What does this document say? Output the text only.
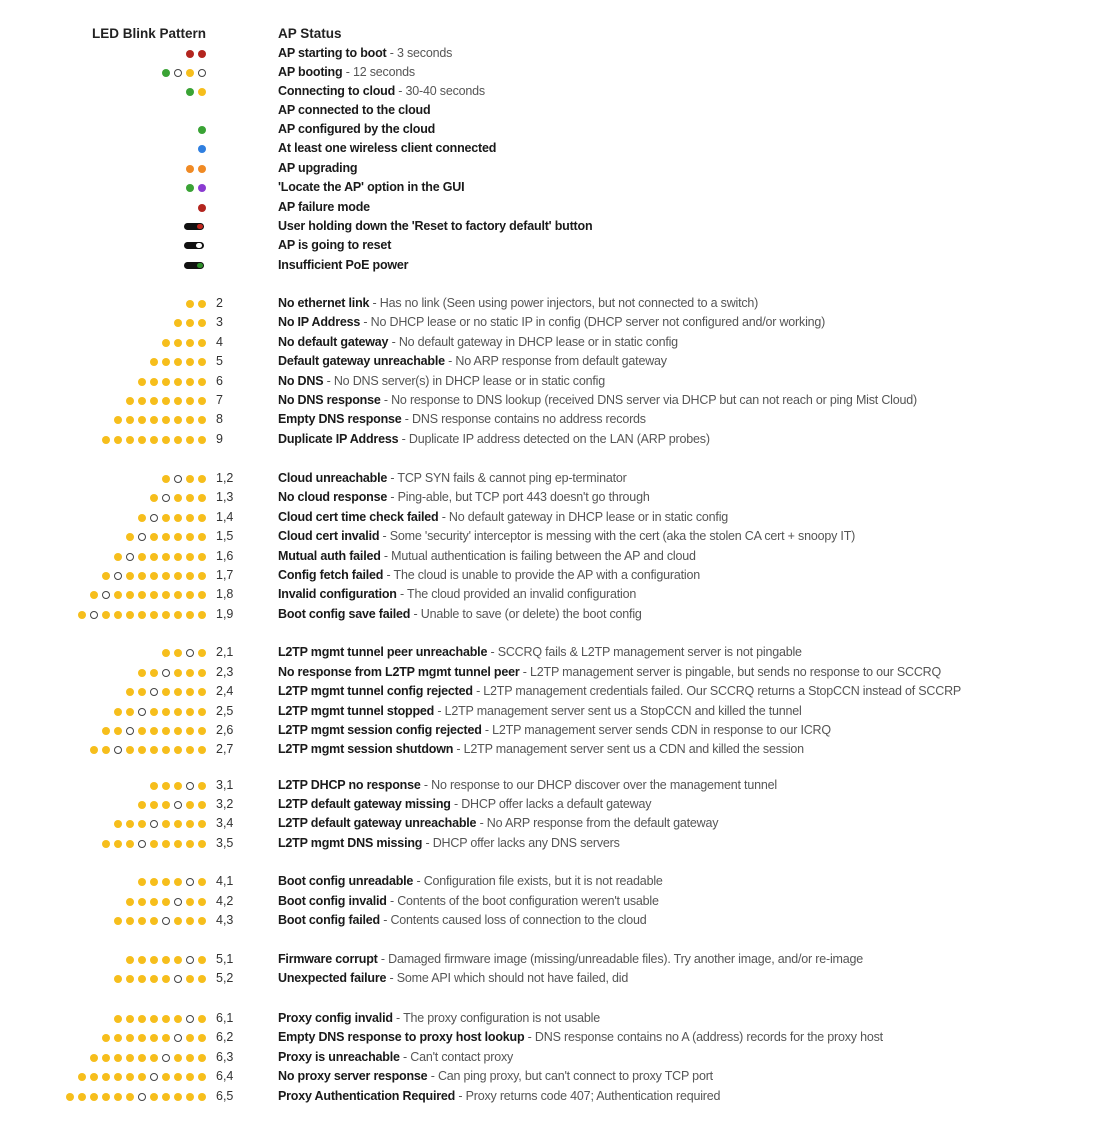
LED Blink Pattern	AP Status
AP starting to boot - 3 seconds
AP booting - 12 seconds
Connecting to cloud - 30-40 seconds
AP connected to the cloud
AP configured by the cloud
At least one wireless client connected
AP upgrading
'Locate the AP' option in the GUI
AP failure mode
User holding down the 'Reset to factory default' button
AP is going to reset
Insufficient PoE power
2	No ethernet link - Has no link (Seen using power injectors, but not connected to a switch)
3	No IP Address - No DHCP lease or no static IP in config (DHCP server not configured and/or working)
4	No default gateway - No default gateway in DHCP lease or in static config
5	Default gateway unreachable - No ARP response from default gateway
6	No DNS - No DNS server(s) in DHCP lease or in static config
7	No DNS response - No response to DNS lookup (received DNS server via DHCP but can not reach or ping Mist Cloud)
8	Empty DNS response - DNS response contains no address records
9	Duplicate IP Address - Duplicate IP address detected on the LAN (ARP probes)
1,2	Cloud unreachable - TCP SYN fails & cannot ping ep-terminator
1,3	No cloud response - Ping-able, but TCP port 443 doesn't go through
1,4	Cloud cert time check failed - No default gateway in DHCP lease or in static config
1,5	Cloud cert invalid - Some 'security' interceptor is messing with the cert (aka the stolen CA cert + snoopy IT)
1,6	Mutual auth failed - Mutual authentication is failing between the AP and cloud
1,7	Config fetch failed - The cloud is unable to provide the AP with a configuration
1,8	Invalid configuration - The cloud provided an invalid configuration
1,9	Boot config save failed - Unable to save (or delete) the boot config
2,1	L2TP mgmt tunnel peer unreachable - SCCRQ fails & L2TP management server is not pingable
2,3	No response from L2TP mgmt tunnel peer - L2TP management server is pingable, but sends no response to our SCCRQ
2,4	L2TP mgmt tunnel config rejected - L2TP management credentials failed. Our SCCRQ returns a StopCCN instead of SCCRP
2,5	L2TP mgmt tunnel stopped - L2TP management server sent us a StopCCN and killed the tunnel
2,6	L2TP mgmt session config rejected - L2TP management server sends CDN in response to our ICRQ
2,7	L2TP mgmt session shutdown - L2TP management server sent us a CDN and killed the session
3,1	L2TP DHCP no response - No response to our DHCP discover over the management tunnel
3,2	L2TP default gateway missing - DHCP offer lacks a default gateway
3,4	L2TP default gateway unreachable - No ARP response from the default gateway
3,5	L2TP mgmt DNS missing - DHCP offer lacks any DNS servers
4,1	Boot config unreadable - Configuration file exists, but it is not readable
4,2	Boot config invalid - Contents of the boot configuration weren't usable
4,3	Boot config failed - Contents caused loss of connection to the cloud
5,1	Firmware corrupt - Damaged firmware image (missing/unreadable files). Try another image, and/or re-image
5,2	Unexpected failure - Some API which should not have failed, did
6,1	Proxy config invalid - The proxy configuration is not usable
6,2	Empty DNS response to proxy host lookup - DNS response contains no A (address) records for the proxy host
6,3	Proxy is unreachable - Can't contact proxy
6,4	No proxy server response - Can ping proxy, but can't connect to proxy TCP port
6,5	Proxy Authentication Required - Proxy returns code 407; Authentication required
